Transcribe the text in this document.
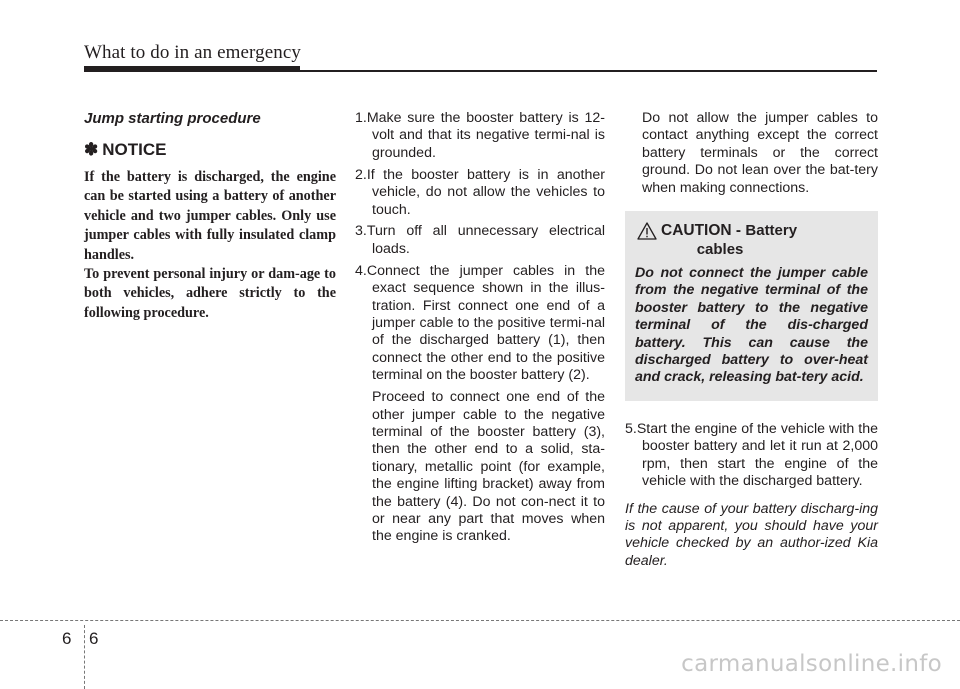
What to do in an emergency
Jump starting procedure
✽ NOTICE

If the battery is discharged, the engine can be started using a battery of another vehicle and two jumper cables. Only use jumper cables with fully insulated clamp handles.

To prevent personal injury or dam-age to both vehicles, adhere strictly to the following procedure.

1.Make sure the booster battery is 12-volt and that its negative termi-nal is grounded.

2.If the booster battery is in another vehicle, do not allow the vehicles to touch.

3.Turn off all unnecessary electrical loads.

4.Connect the jumper cables in the exact sequence shown in the illus-tration. First connect one end of a jumper cable to the positive termi-nal of the discharged battery (1), then connect the other end to the positive terminal on the booster battery (2).

Proceed to connect one end of the other jumper cable to the negative terminal of the booster battery (3), then the other end to a solid, sta-tionary, metallic point (for example, the engine lifting bracket) away from the battery (4). Do not con-nect it to or near any part that moves when the engine is cranked.

Do not allow the jumper cables to contact anything except the correct battery terminals or the correct ground. Do not lean over the bat-tery when making connections.

CAUTION - Battery
cables
Do not connect the jumper cable from the negative terminal of the booster battery to the negative terminal of the dis-charged battery. This can cause the discharged battery to over-heat and crack, releasing bat-tery acid.

5.Start the engine of the vehicle with the booster battery and let it run at 2,000 rpm, then start the engine of the vehicle with the discharged battery.

If the cause of your battery discharg-ing is not apparent, you should have your vehicle checked by an author-ized Kia dealer.

6 6
carmanualsonline.info
